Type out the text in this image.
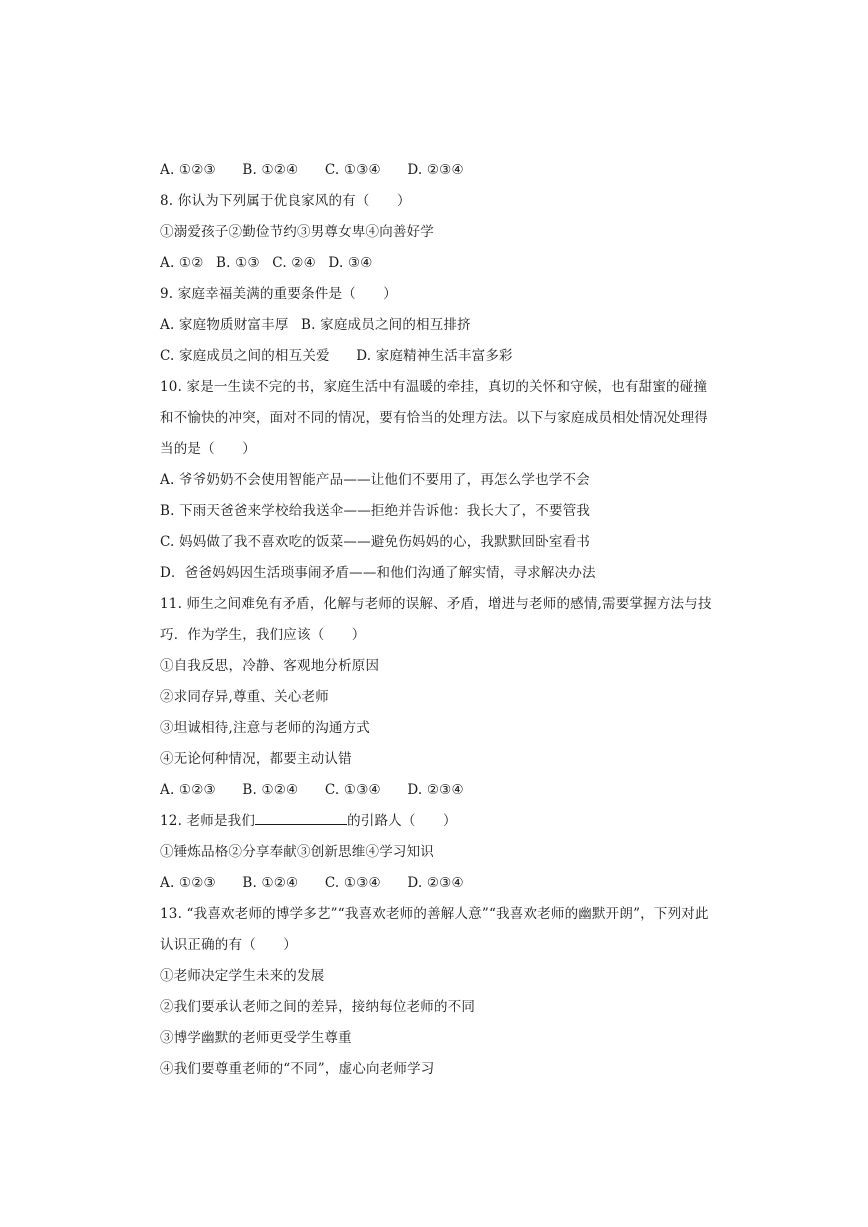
A. ①②③ B. ①②④ C. ①③④ D. ②③④
8. 你认为下列属于优良家风的有（　　）
①溺爱孩子②勤俭节约③男尊女卑④向善好学
A. ①② B. ①③ C. ②④ D. ③④
9. 家庭幸福美满的重要条件是（　　）
A. 家庭物质财富丰厚 B. 家庭成员之间的相互排挤
C. 家庭成员之间的相互关爱 D. 家庭精神生活丰富多彩
10. 家是一生读不完的书，家庭生活中有温暖的牵挂，真切的关怀和守候，也有甜蜜的碰撞
和不愉快的冲突，面对不同的情况，要有恰当的处理方法。以下与家庭成员相处情况处理得
当的是（　　）
A. 爷爷奶奶不会使用智能产品——让他们不要用了，再怎么学也学不会
B. 下雨天爸爸来学校给我送伞——拒绝并告诉他：我长大了，不要管我
C. 妈妈做了我不喜欢吃的饭菜——避免伤妈妈的心，我默默回卧室看书
D．爸爸妈妈因生活琐事闹矛盾——和他们沟通了解实情，寻求解决办法
11. 师生之间难免有矛盾，化解与老师的误解、矛盾，增进与老师的感情,需要掌握方法与技
巧．作为学生，我们应该（　　）
①自我反思，冷静、客观地分析原因
②求同存异,尊重、关心老师
③坦诚相待,注意与老师的沟通方式
④无论何种情况，都要主动认错
A. ①②③ B. ①②④ C. ①③④ D. ②③④
12. 老师是我们	的引路人（　　）
①锤炼品格②分享奉献③创新思维④学习知识
A. ①②③ B. ①②④ C. ①③④ D. ②③④
13. “我喜欢老师的博学多艺”“我喜欢老师的善解人意”“我喜欢老师的幽默开朗”，下列对此
认识正确的有（　　）
①老师决定学生未来的发展
②我们要承认老师之间的差异，接纳每位老师的不同
③博学幽默的老师更受学生尊重
④我们要尊重老师的“不同”，虚心向老师学习
